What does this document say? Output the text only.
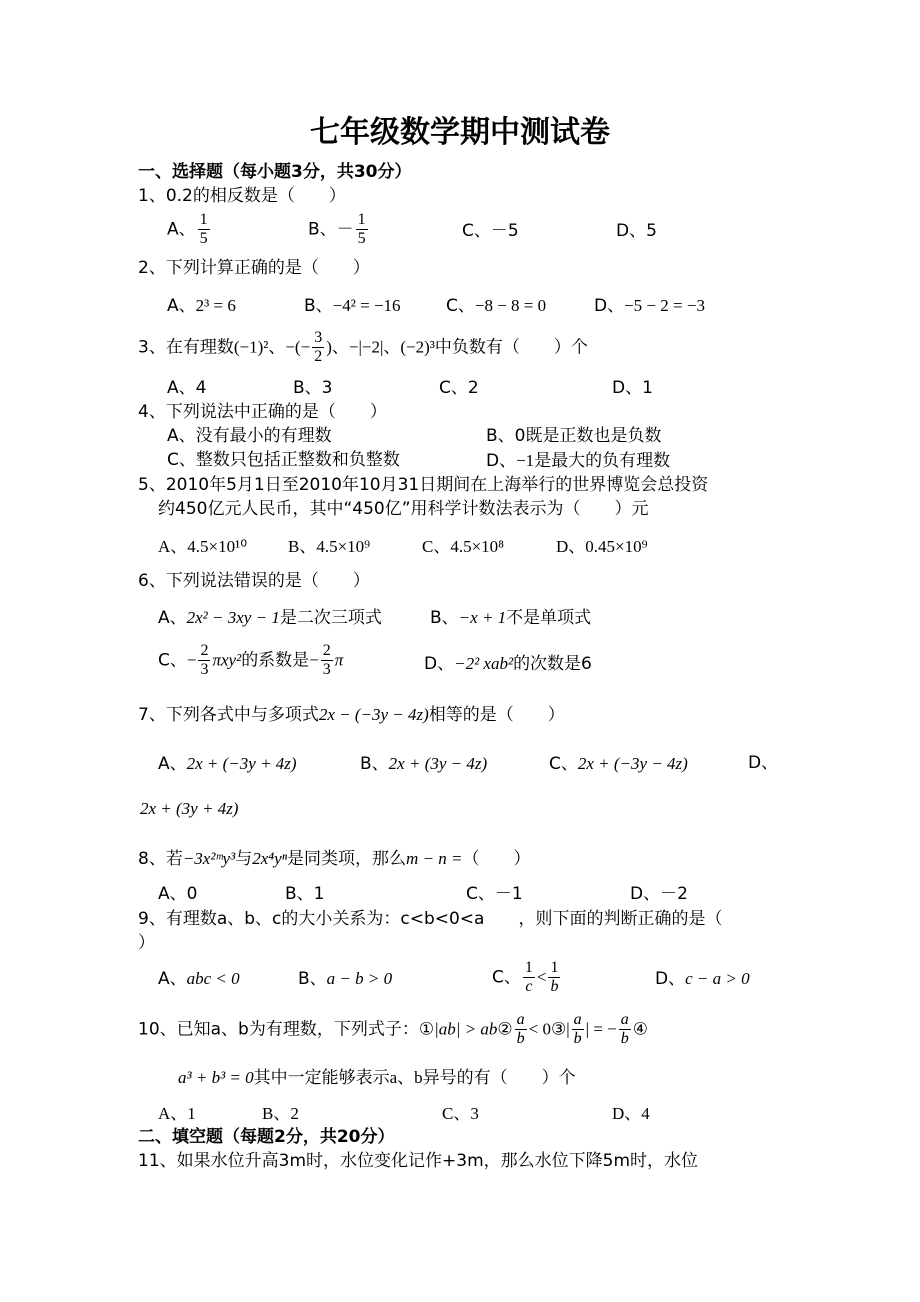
七年级数学期中测试卷
一、选择题（每小题3分，共30分）
1、0.2的相反数是（　　）
A、 $\frac{1}{5}$	B、－ $\frac{1}{5}$	C、－5	D、5
2、下列计算正确的是（　　）
A、2³ = 6	B、−4² = −16	C、−8 − 8 = 0	D、−5 − 2 = −3
3、在有理数(−1)²、−(− $\frac{3}{2}$ )、−|−2|、(−2)³中负数有（　　）个
A、4	B、3	C、2	D、1
4、下列说法中正确的是（　　）
A、没有最小的有理数	B、0既是正数也是负数
C、整数只包括正整数和负整数	D、−1是最大的负有理数
5、2010年5月1日至2010年10月31日期间在上海举行的世界博览会总投资
约450亿元人民币，其中“450亿”用科学计数法表示为（　　）元
A、4.5×10¹⁰ B、4.5×10⁹	C、4.5×10⁸	D、0.45×10⁹
6、下列说法错误的是（　　）
A、2x² − 3xy − 1是二次三项式	B、−x + 1不是单项式
C、− $\frac{2}{3} \pi xy^2$的系数是− $\frac{2}{3}$ π	D、−2² xab²的次数是6
7、下列各式中与多项式2x − (−3y − 4z)相等的是（　　）
A、2x + (−3y + 4z)	B、2x + (3y − 4z)	C、2x + (−3y − 4z)	D、
2x + (3y + 4z)
8、若−3x²ᵐy³与2x⁴yⁿ是同类项，那么m − n =（　　）
A、0	B、1	C、－1	D、－2
9、有理数a、b、c的大小关系为：c<b<0<a　　，则下面的判断正确的是（
）
A、abc < 0	B、a − b > 0	C、 $\frac{1}{c} < \frac{1}{b}$	D、c − a > 0
10、已知a、b为有理数，下列式子：①|ab| > ab② $\frac{a}{b}$ < 0③| $\frac{a}{b}$ | = − $\frac{a}{b}$ ④
a³ + b³ = 0其中一定能够表示a、b异号的有（　　）个
A、1	B、2	C、3	D、4
二、填空题（每题2分，共20分）
11、如果水位升高3m时，水位变化记作+3m，那么水位下降5m时，水位
